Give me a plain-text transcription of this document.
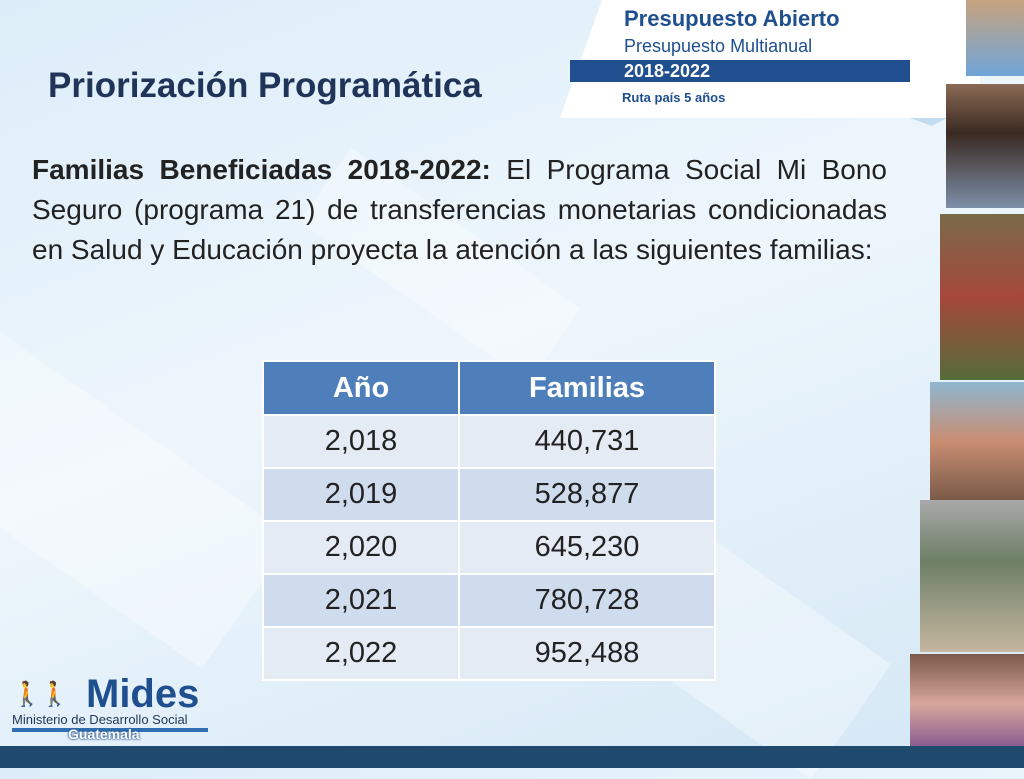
Priorización Programática
Presupuesto Abierto
Presupuesto Multianual
2018-2022
Ruta país 5 años
Familias Beneficiadas 2018-2022: El Programa Social Mi Bono Seguro (programa 21) de transferencias monetarias condicionadas en Salud y Educación proyecta la atención a las siguientes familias:
Año	Familias
2,018	440,731
2,019	528,877
2,020	645,230
2,021	780,728
2,022	952,488
🚶🚶 Mides
Ministerio de Desarrollo Social
Guatemala
